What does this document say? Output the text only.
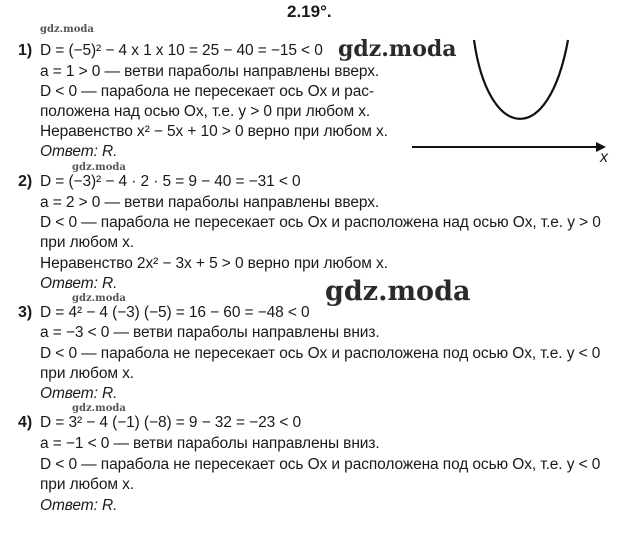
2.19°.
gdz.moda
gdz.moda
gdz.moda
gdz.moda
1) D = (−5)² − 4 x 1 x 10 = 25 − 40 = −15 < 0
a = 1 > 0 — ветви параболы направлены вверх.
D < 0 — парабола не пересекает ось Ox и рас-
положена над осью Ox, т.е. y > 0 при любом x.
Неравенство x² − 5x + 10 > 0 верно при любом x.
Ответ: R.
gdz.moda
x
2) D = (−3)² − 4 · 2 · 5 = 9 − 40 = −31 < 0
a = 2 > 0 — ветви параболы направлены вверх.
D < 0 — парабола не пересекает ось Ox и расположена над осью Ox, т.е. y > 0
при любом x.
Неравенство 2x² − 3x + 5 > 0 верно при любом x.
Ответ: R.	gdz.moda
3) D = 4² − 4 (−3) (−5) = 16 − 60 = −48 < 0
a = −3 < 0 — ветви параболы направлены вниз.
D < 0 — парабола не пересекает ось Ox и расположена под осью Ox, т.е. y < 0
при любом x.
Ответ: R.
4) D = 3² − 4 (−1) (−8) = 9 − 32 = −23 < 0
a = −1 < 0 — ветви параболы направлены вниз.
D < 0 — парабола не пересекает ось Ox и расположена под осью Ox, т.е. y < 0
при любом x.
Ответ: R.
